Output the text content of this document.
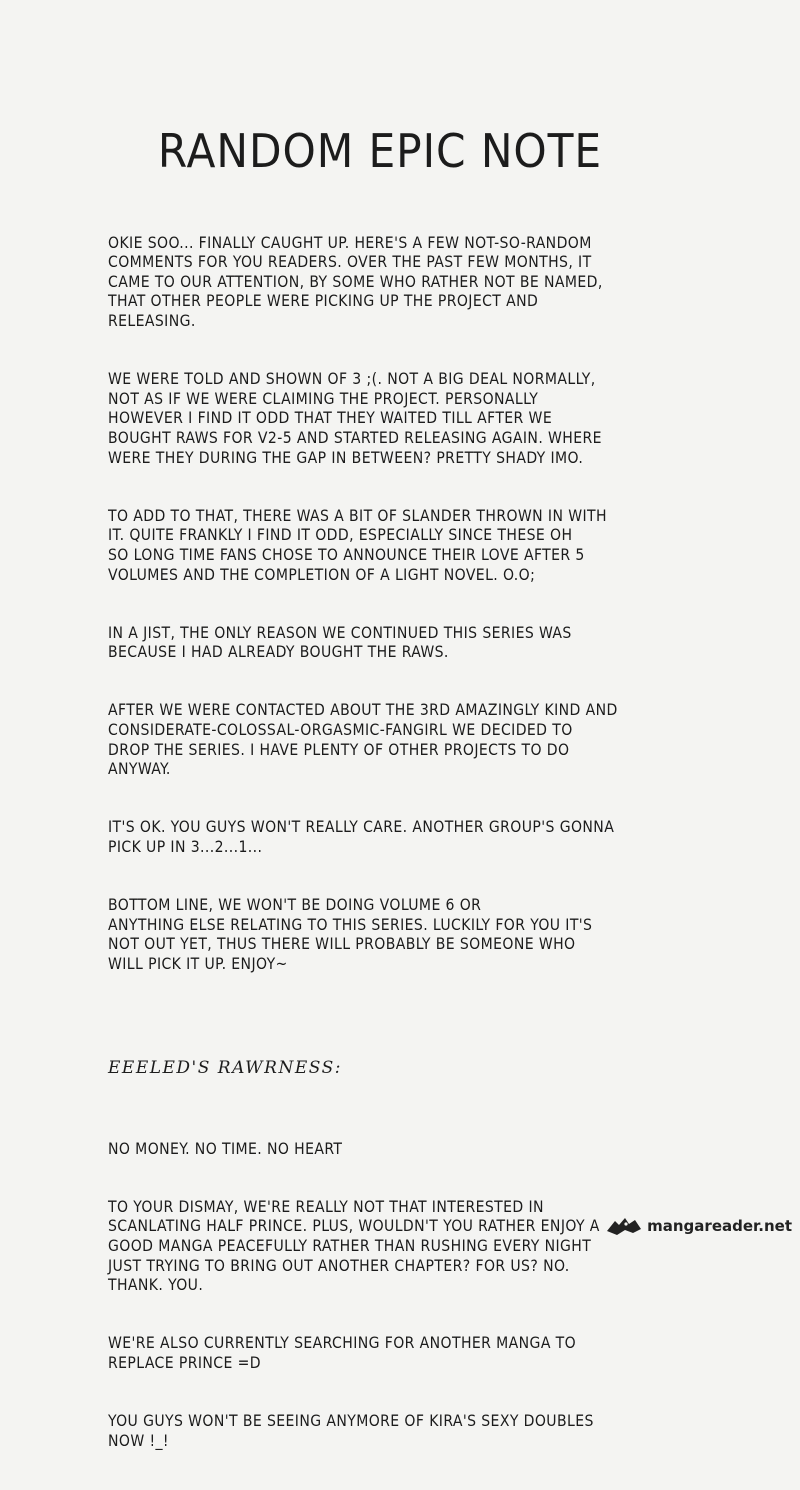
RANDOM EPIC NOTE

OKIE SOO... FINALLY CAUGHT UP. HERE'S A FEW NOT-SO-RANDOM
COMMENTS FOR YOU READERS. OVER THE PAST FEW MONTHS, IT
CAME TO OUR ATTENTION, BY SOME WHO RATHER NOT BE NAMED,
THAT OTHER PEOPLE WERE PICKING UP THE PROJECT AND
RELEASING.

WE WERE TOLD AND SHOWN OF 3 ;(. NOT A BIG DEAL NORMALLY,
NOT AS IF WE WERE CLAIMING THE PROJECT. PERSONALLY
HOWEVER I FIND IT ODD THAT THEY WAITED TILL AFTER WE
BOUGHT RAWS FOR V2-5 AND STARTED RELEASING AGAIN. WHERE
WERE THEY DURING THE GAP IN BETWEEN? PRETTY SHADY IMO.

TO ADD TO THAT, THERE WAS A BIT OF SLANDER THROWN IN WITH
IT. QUITE FRANKLY I FIND IT ODD, ESPECIALLY SINCE THESE OH
SO LONG TIME FANS CHOSE TO ANNOUNCE THEIR LOVE AFTER 5
VOLUMES AND THE COMPLETION OF A LIGHT NOVEL. O.O;

IN A JIST, THE ONLY REASON WE CONTINUED THIS SERIES WAS
BECAUSE I HAD ALREADY BOUGHT THE RAWS.

AFTER WE WERE CONTACTED ABOUT THE 3RD AMAZINGLY KIND AND
CONSIDERATE-COLOSSAL-ORGASMIC-FANGIRL WE DECIDED TO
DROP THE SERIES. I HAVE PLENTY OF OTHER PROJECTS TO DO
ANYWAY.

IT'S OK. YOU GUYS WON'T REALLY CARE. ANOTHER GROUP'S GONNA
PICK UP IN 3...2...1...

BOTTOM LINE, WE WON'T BE DOING VOLUME 6 OR
ANYTHING ELSE RELATING TO THIS SERIES. LUCKILY FOR YOU IT'S
NOT OUT YET, THUS THERE WILL PROBABLY BE SOMEONE WHO
WILL PICK IT UP. ENJOY~

EEELED'S RAWRNESS:

NO MONEY. NO TIME. NO HEART

TO YOUR DISMAY, WE'RE REALLY NOT THAT INTERESTED IN
SCANLATING HALF PRINCE. PLUS, WOULDN'T YOU RATHER ENJOY A
GOOD MANGA PEACEFULLY RATHER THAN RUSHING EVERY NIGHT
JUST TRYING TO BRING OUT ANOTHER CHAPTER? FOR US? NO.
THANK. YOU.

WE'RE ALSO CURRENTLY SEARCHING FOR ANOTHER MANGA TO
REPLACE PRINCE =D

YOU GUYS WON'T BE SEEING ANYMORE OF KIRA'S SEXY DOUBLES
NOW !_!

mangareader.net
